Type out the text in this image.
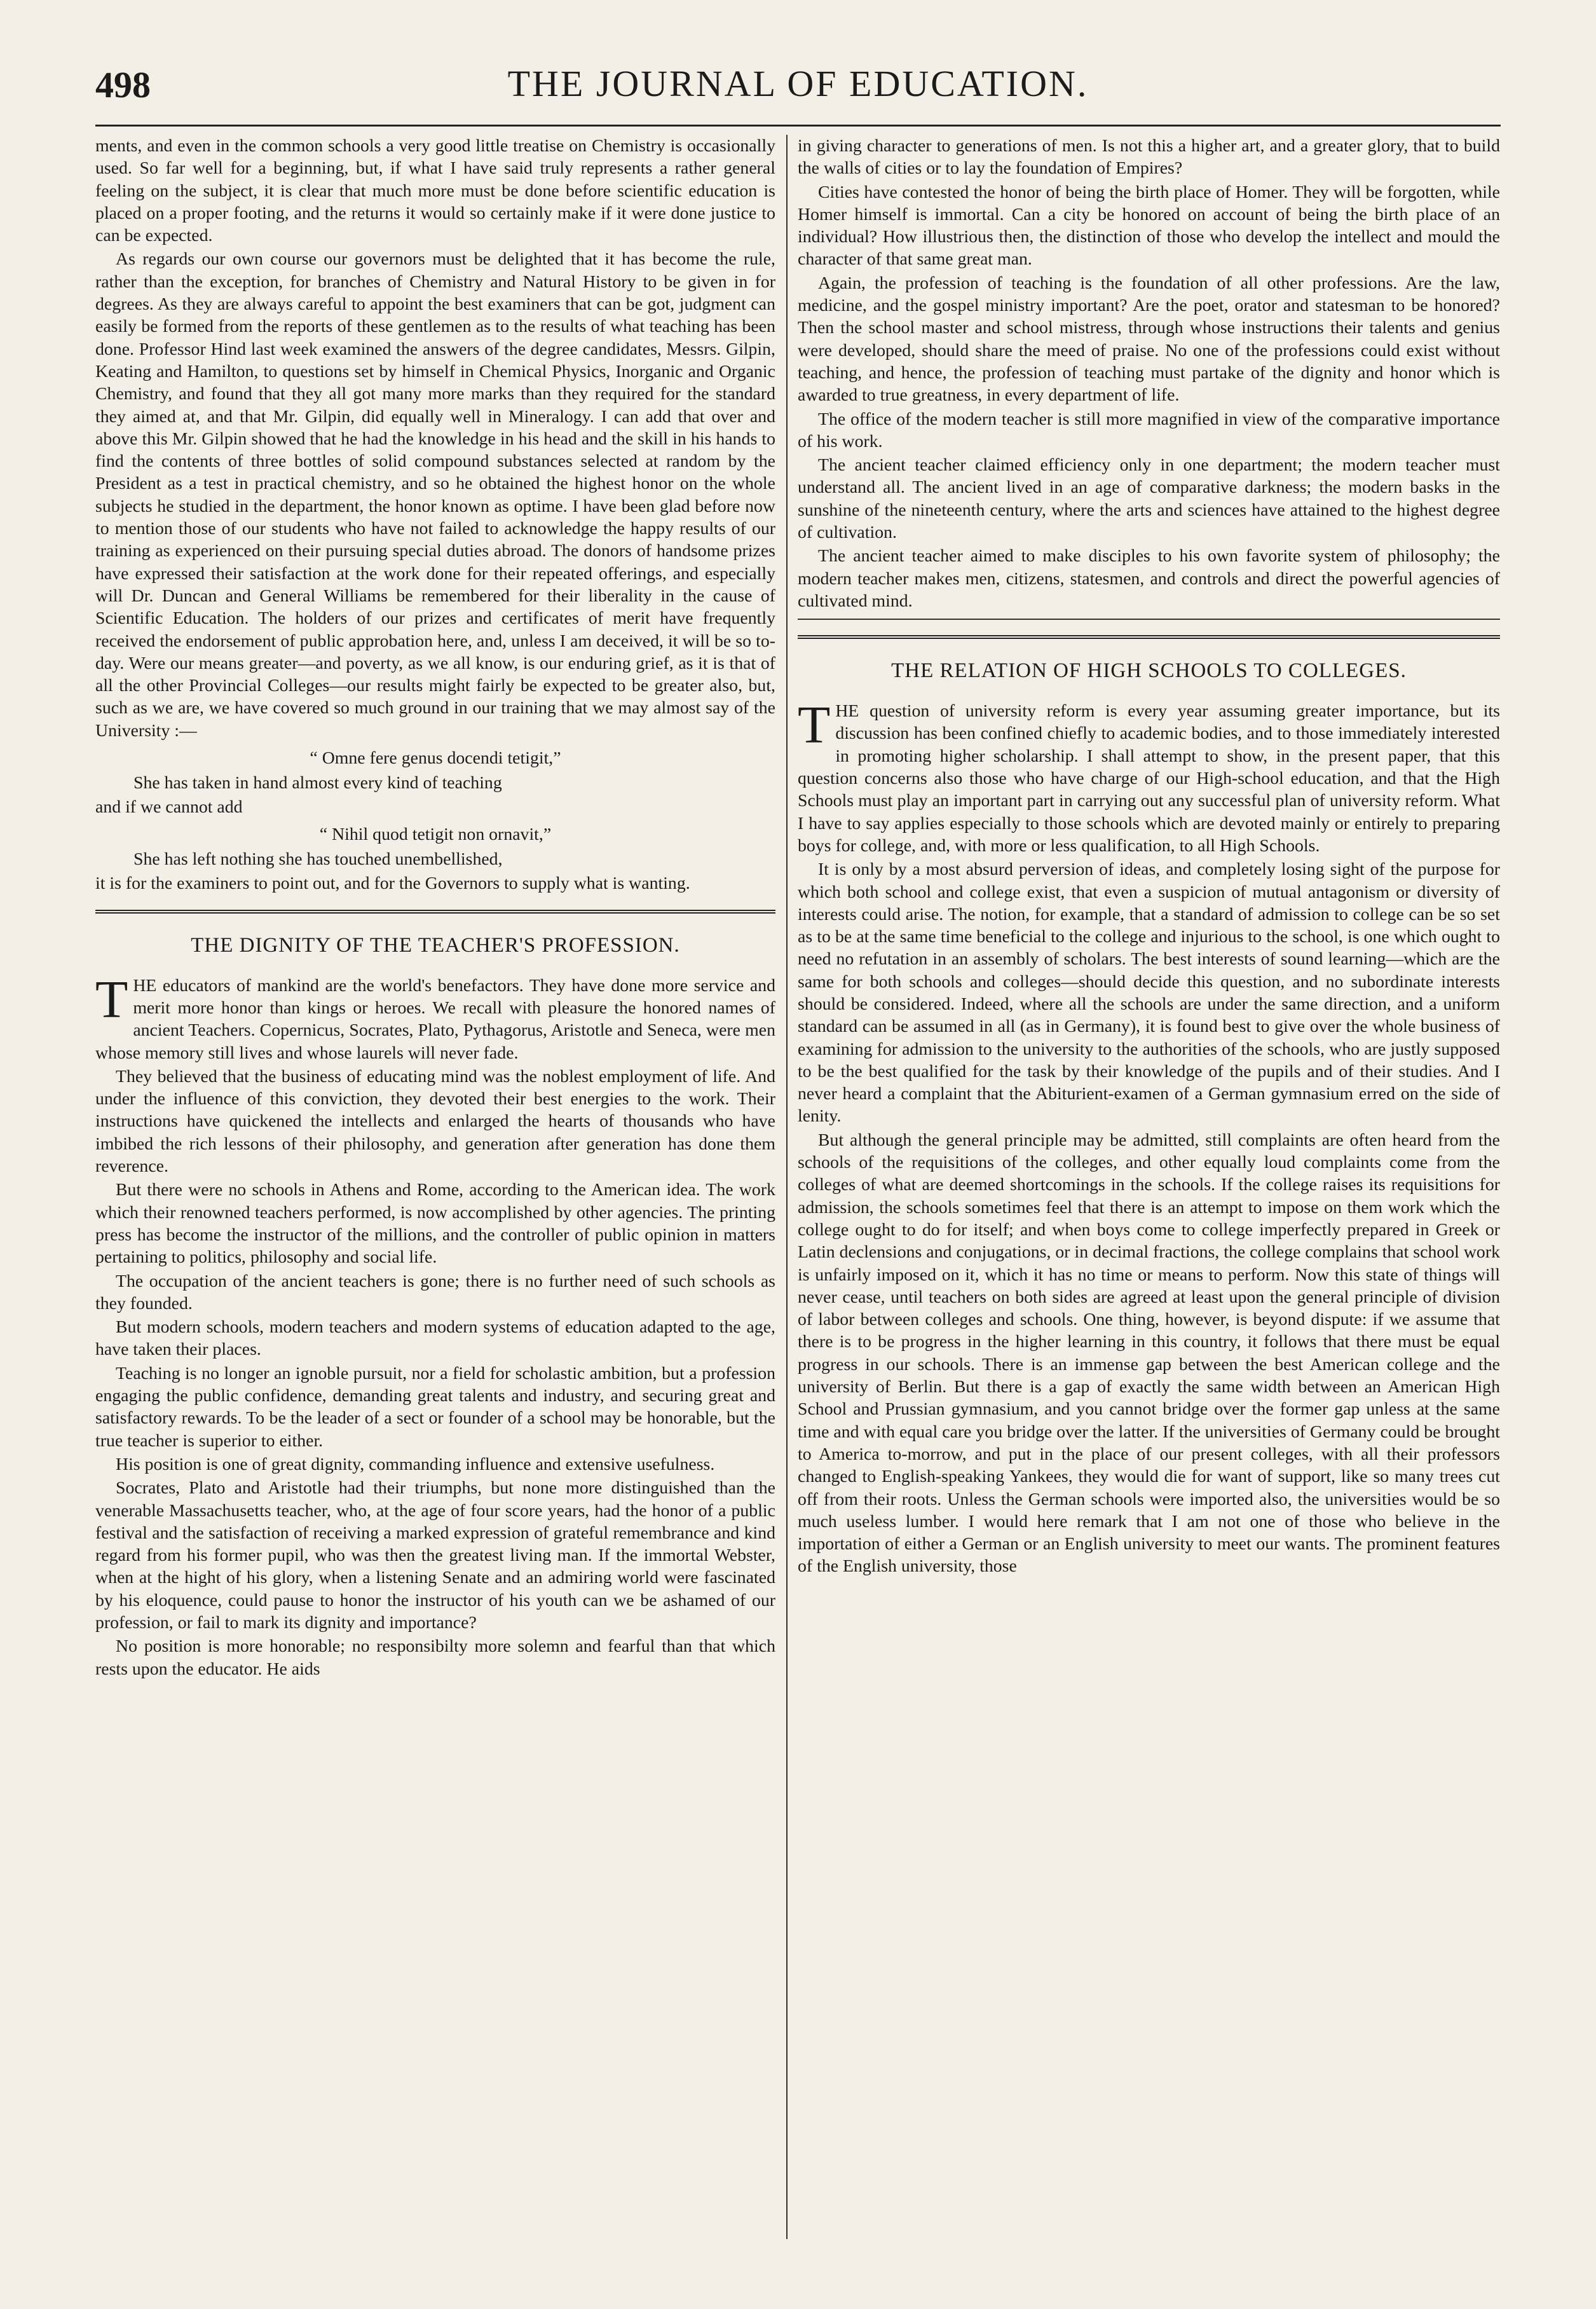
498	THE JOURNAL OF EDUCATION.

ments, and even in the common schools a very good little treatise on Chemistry is occasionally used. So far well for a beginning, but, if what I have said truly represents a rather general feeling on the subject, it is clear that much more must be done before scientific education is placed on a proper footing, and the returns it would so certainly make if it were done justice to can be expected.

As regards our own course our governors must be delighted that it has become the rule, rather than the exception, for branches of Chemistry and Natural History to be given in for degrees. As they are always careful to appoint the best examiners that can be got, judgment can easily be formed from the reports of these gentlemen as to the results of what teaching has been done. Professor Hind last week examined the answers of the degree candidates, Messrs. Gilpin, Keating and Hamilton, to questions set by himself in Chemical Physics, Inorganic and Organic Chemistry, and found that they all got many more marks than they required for the standard they aimed at, and that Mr. Gilpin, did equally well in Mineralogy. I can add that over and above this Mr. Gilpin showed that he had the knowledge in his head and the skill in his hands to find the contents of three bottles of solid compound substances selected at random by the President as a test in practical chemistry, and so he obtained the highest honor on the whole subjects he studied in the department, the honor known as optime. I have been glad before now to mention those of our students who have not failed to acknowledge the happy results of our training as experienced on their pursuing special duties abroad. The donors of handsome prizes have expressed their satisfaction at the work done for their repeated offerings, and especially will Dr. Duncan and General Williams be remembered for their liberality in the cause of Scientific Education. The holders of our prizes and certificates of merit have frequently received the endorsement of public approbation here, and, unless I am deceived, it will be so to-day. Were our means greater—and poverty, as we all know, is our enduring grief, as it is that of all the other Provincial Colleges—our results might fairly be expected to be greater also, but, such as we are, we have covered so much ground in our training that we may almost say of the University :—

“ Omne fere genus docendi tetigit,”

She has taken in hand almost every kind of teaching

and if we cannot add

“ Nihil quod tetigit non ornavit,”

She has left nothing she has touched unembellished,

it is for the examiners to point out, and for the Governors to supply what is wanting.

THE DIGNITY OF THE TEACHER'S PROFESSION.

THE educators of mankind are the world's benefactors. They have done more service and merit more honor than kings or heroes. We recall with pleasure the honored names of ancient Teachers. Copernicus, Socrates, Plato, Pythagorus, Aristotle and Seneca, were men whose memory still lives and whose laurels will never fade.

They believed that the business of educating mind was the noblest employment of life. And under the influence of this conviction, they devoted their best energies to the work. Their instructions have quickened the intellects and enlarged the hearts of thousands who have imbibed the rich lessons of their philosophy, and generation after generation has done them reverence.

But there were no schools in Athens and Rome, according to the American idea. The work which their renowned teachers performed, is now accomplished by other agencies. The printing press has become the instructor of the millions, and the controller of public opinion in matters pertaining to politics, philosophy and social life.

The occupation of the ancient teachers is gone; there is no further need of such schools as they founded.

But modern schools, modern teachers and modern systems of education adapted to the age, have taken their places.

Teaching is no longer an ignoble pursuit, nor a field for scholastic ambition, but a profession engaging the public confidence, demanding great talents and industry, and securing great and satisfactory rewards. To be the leader of a sect or founder of a school may be honorable, but the true teacher is superior to either.

His position is one of great dignity, commanding influence and extensive usefulness.

Socrates, Plato and Aristotle had their triumphs, but none more distinguished than the venerable Massachusetts teacher, who, at the age of four score years, had the honor of a public festival and the satisfaction of receiving a marked expression of grateful remembrance and kind regard from his former pupil, who was then the greatest living man. If the immortal Webster, when at the hight of his glory, when a listening Senate and an admiring world were fascinated by his eloquence, could pause to honor the instructor of his youth can we be ashamed of our profession, or fail to mark its dignity and importance?

No position is more honorable; no responsibilty more solemn and fearful than that which rests upon the educator. He aids

in giving character to generations of men. Is not this a higher art, and a greater glory, that to build the walls of cities or to lay the foundation of Empires?

Cities have contested the honor of being the birth place of Homer. They will be forgotten, while Homer himself is immortal. Can a city be honored on account of being the birth place of an individual? How illustrious then, the distinction of those who develop the intellect and mould the character of that same great man.

Again, the profession of teaching is the foundation of all other professions. Are the law, medicine, and the gospel ministry important? Are the poet, orator and statesman to be honored? Then the school master and school mistress, through whose instructions their talents and genius were developed, should share the meed of praise. No one of the professions could exist without teaching, and hence, the profession of teaching must partake of the dignity and honor which is awarded to true greatness, in every department of life.

The office of the modern teacher is still more magnified in view of the comparative importance of his work.

The ancient teacher claimed efficiency only in one department; the modern teacher must understand all. The ancient lived in an age of comparative darkness; the modern basks in the sunshine of the nineteenth century, where the arts and sciences have attained to the highest degree of cultivation.

The ancient teacher aimed to make disciples to his own favorite system of philosophy; the modern teacher makes men, citizens, statesmen, and controls and direct the powerful agencies of cultivated mind.

THE RELATION OF HIGH SCHOOLS TO COLLEGES.

THE question of university reform is every year assuming greater importance, but its discussion has been confined chiefly to academic bodies, and to those immediately interested in promoting higher scholarship. I shall attempt to show, in the present paper, that this question concerns also those who have charge of our High-school education, and that the High Schools must play an important part in carrying out any successful plan of university reform. What I have to say applies especially to those schools which are devoted mainly or entirely to preparing boys for college, and, with more or less qualification, to all High Schools.

It is only by a most absurd perversion of ideas, and completely losing sight of the purpose for which both school and college exist, that even a suspicion of mutual antagonism or diversity of interests could arise. The notion, for example, that a standard of admission to college can be so set as to be at the same time beneficial to the college and injurious to the school, is one which ought to need no refutation in an assembly of scholars. The best interests of sound learning—which are the same for both schools and colleges—should decide this question, and no subordinate interests should be considered. Indeed, where all the schools are under the same direction, and a uniform standard can be assumed in all (as in Germany), it is found best to give over the whole business of examining for admission to the university to the authorities of the schools, who are justly supposed to be the best qualified for the task by their knowledge of the pupils and of their studies. And I never heard a complaint that the Abiturient-examen of a German gymnasium erred on the side of lenity.

But although the general principle may be admitted, still complaints are often heard from the schools of the requisitions of the colleges, and other equally loud complaints come from the colleges of what are deemed shortcomings in the schools. If the college raises its requisitions for admission, the schools sometimes feel that there is an attempt to impose on them work which the college ought to do for itself; and when boys come to college imperfectly prepared in Greek or Latin declensions and conjugations, or in decimal fractions, the college complains that school work is unfairly imposed on it, which it has no time or means to perform. Now this state of things will never cease, until teachers on both sides are agreed at least upon the general principle of division of labor between colleges and schools. One thing, however, is beyond dispute: if we assume that there is to be progress in the higher learning in this country, it follows that there must be equal progress in our schools. There is an immense gap between the best American college and the university of Berlin. But there is a gap of exactly the same width between an American High School and Prussian gymnasium, and you cannot bridge over the former gap unless at the same time and with equal care you bridge over the latter. If the universities of Germany could be brought to America to-morrow, and put in the place of our present colleges, with all their professors changed to English-speaking Yankees, they would die for want of support, like so many trees cut off from their roots. Unless the German schools were imported also, the universities would be so much useless lumber. I would here remark that I am not one of those who believe in the importation of either a German or an English university to meet our wants. The prominent features of the English university, those
